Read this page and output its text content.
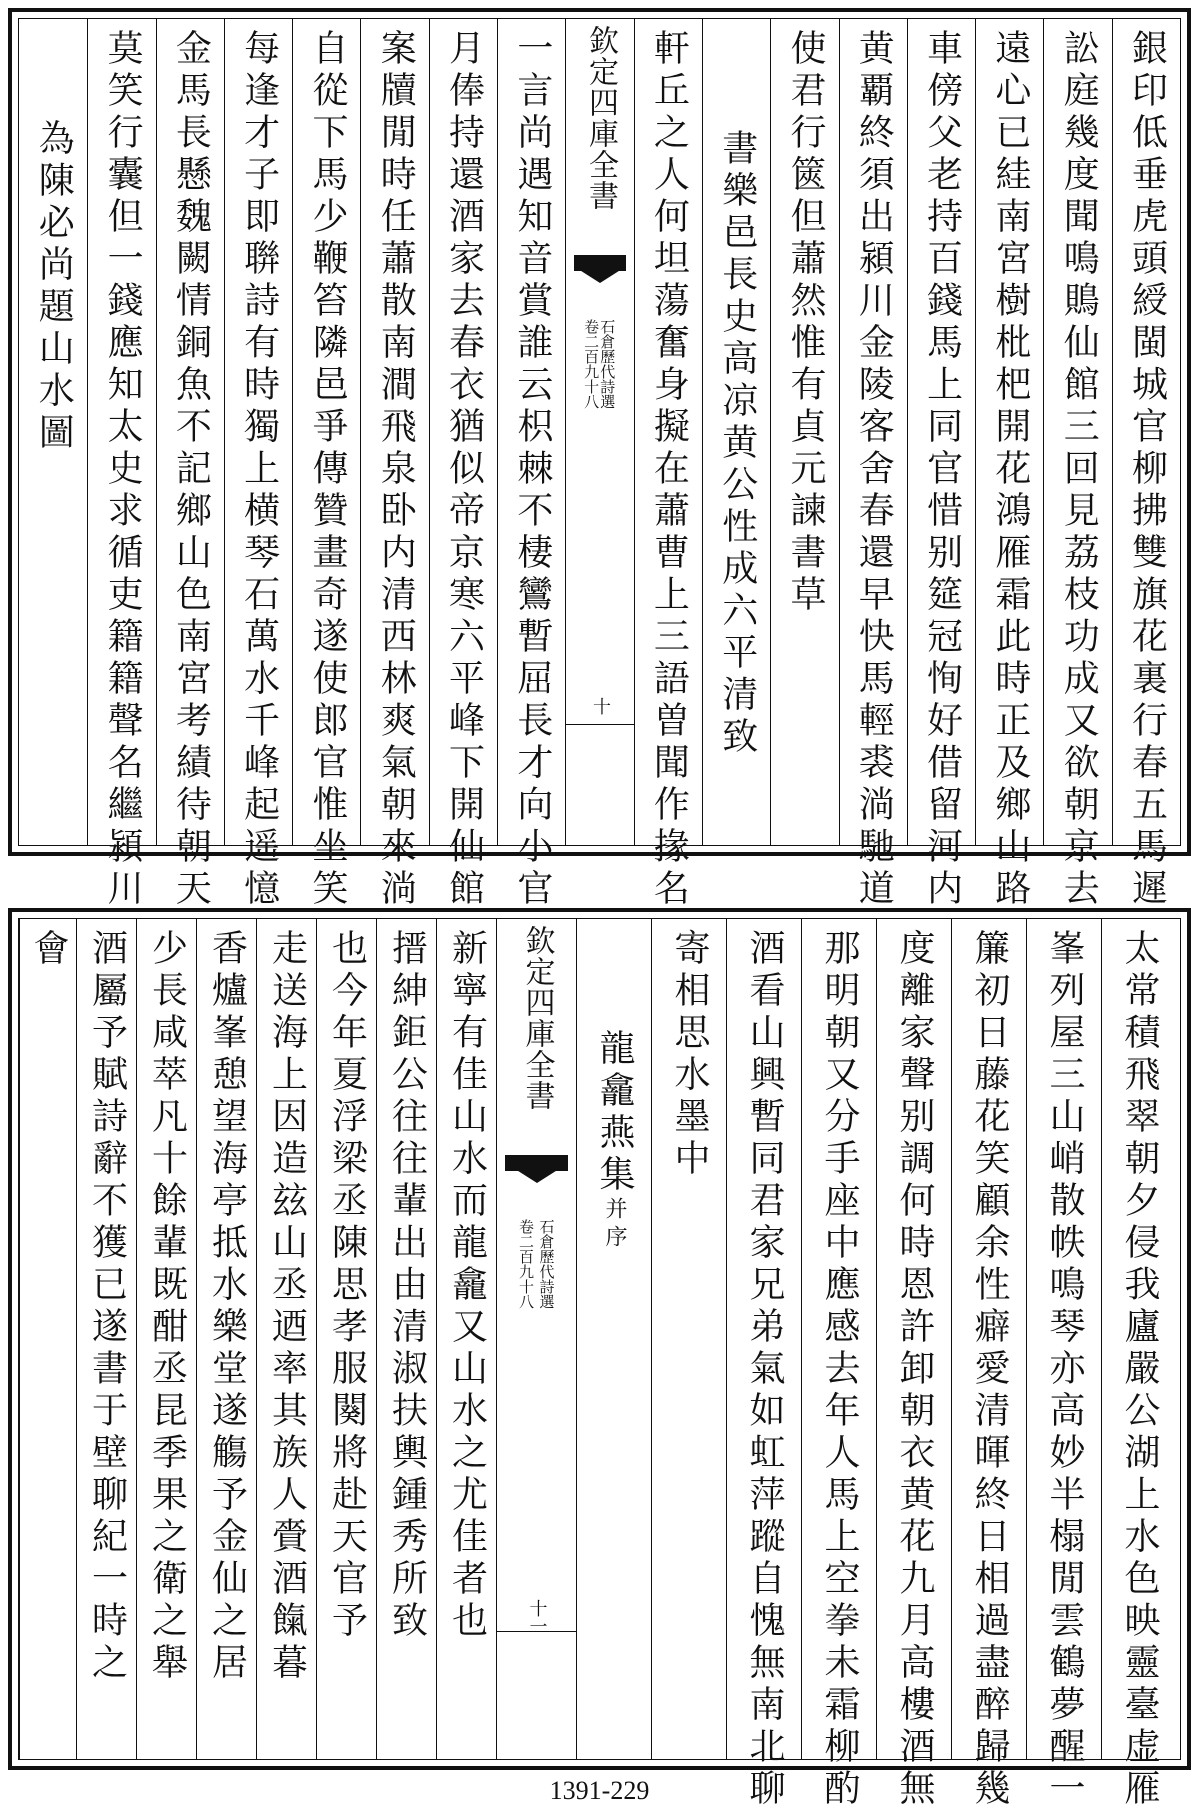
銀印低垂虎頭綬閩城官柳拂雙旗花裏行春五馬遲
訟庭幾度聞鳴鵙仙館三回見荔枝功成又欲朝京去
遠心已絓南宮樹枇杷開花鴻雁霜此時正及鄉山路
車傍父老持百錢馬上同官惜别筵冠恂好借留河内
黄覇終須出潁川金陵客舍春還早快馬輕裘淌馳道
使君行篋但蕭然惟有貞元諫書草
書樂邑長史高凉黄公性成六平清致
軒丘之人何坦蕩奮身擬在蕭曹上三語曽聞作掾名
欽定四庫全書
石倉歷代詩選
卷二百九十八
十
一言尚遇知音賞誰云枳棘不棲鸞暫屈長才向小官
月俸持還酒家去春衣猶似帝京寒六平峰下開仙館
案牘閒時任蕭散南澗飛泉卧内清西林爽氣朝來淌
自從下馬少鞭笞隣邑爭傳贊畫奇遂使郎官惟坐笑
每逢才子即聨詩有時獨上横琴石萬水千峰起遥憶
金馬長懸魏闕情銅魚不記鄉山色南宮考績待朝天
莫笑行囊但一錢應知太史求循吏籍籍聲名繼潁川
為陳必尚題山水圖
太常積飛翠朝夕侵我廬嚴公湖上水色映靈臺虚雁
峯列屋三山峭散帙鳴琴亦高妙半榻閒雲鶴夢醒一
簾初日藤花笑顧余性癖愛清暉終日相過盡醉歸幾
度離家聲别調何時恩許卸朝衣黄花九月高樓酒無
那明朝又分手座中應感去年人馬上空拳未霜柳酌
酒看山興暫同君家兄弟氣如虹萍蹤自愧無南北聊
寄相思水墨中
龍龕燕集并序
欽定四庫全書
石倉歷代詩選
卷二百九十八
十一
新寧有佳山水而龍龕又山水之尤佳者也
搢紳鉅公往往輩出由清淑扶輿鍾秀所致
也今年夏浮梁丞陳思孝服闋將赴天官予
走送海上因造玆山丞迺率其族人賫酒餼暮
香爐峯憩望海亭抵水樂堂遂觴予金仙之居
少長咸萃凡十餘輩既酣丞昆季果之衛之舉
酒屬予賦詩辭不獲已遂書于壁聊紀一時之
會
1391-229
